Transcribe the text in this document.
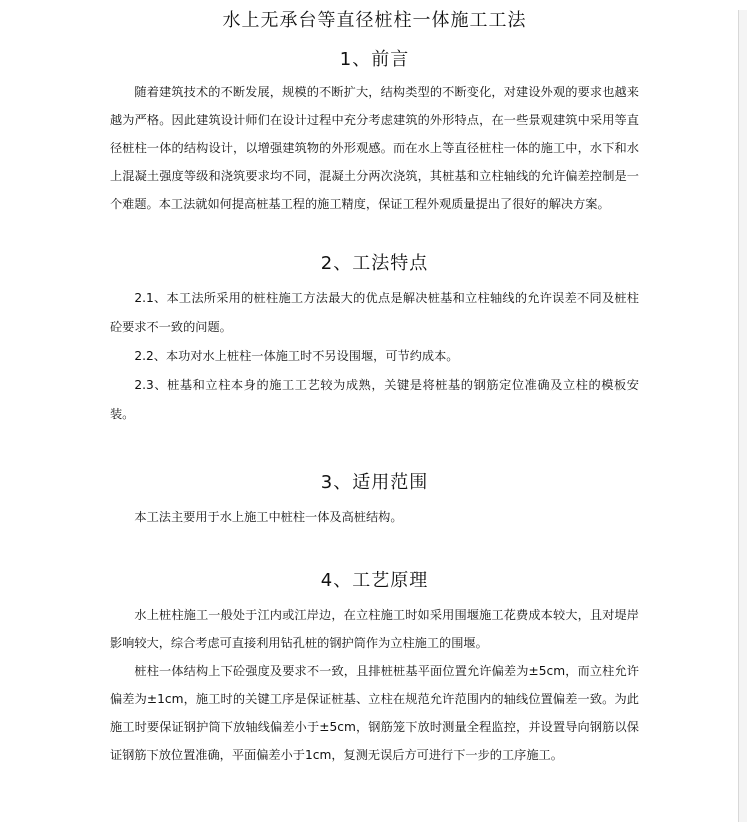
水上无承台等直径桩柱一体施工工法
1、前言

随着建筑技术的不断发展，规模的不断扩大，结构类型的不断变化，对建设外观的要求也越来越为严格。因此建筑设计师们在设计过程中充分考虑建筑的外形特点，在一些景观建筑中采用等直径桩柱一体的结构设计，以增强建筑物的外形观感。而在水上等直径桩柱一体的施工中，水下和水上混凝土强度等级和浇筑要求均不同，混凝土分两次浇筑，其桩基和立柱轴线的允许偏差控制是一个难题。本工法就如何提高桩基工程的施工精度，保证工程外观质量提出了很好的解决方案。

2、工法特点

2.1、本工法所采用的桩柱施工方法最大的优点是解决桩基和立柱轴线的允许误差不同及桩柱砼要求不一致的问题。

2.2、本功对水上桩柱一体施工时不另设围堰，可节约成本。

2.3、桩基和立柱本身的施工工艺较为成熟，关键是将桩基的钢筋定位准确及立柱的模板安装。

3、适用范围

本工法主要用于水上施工中桩柱一体及高桩结构。

4、工艺原理

水上桩柱施工一般处于江内或江岸边，在立柱施工时如采用围堰施工花费成本较大，且对堤岸影响较大，综合考虑可直接利用钻孔桩的钢护筒作为立柱施工的围堰。

桩柱一体结构上下砼强度及要求不一致，且排桩桩基平面位置允许偏差为±5cm，而立柱允许偏差为±1cm，施工时的关键工序是保证桩基、立柱在规范允许范围内的轴线位置偏差一致。为此施工时要保证钢护筒下放轴线偏差小于±5cm，钢筋笼下放时测量全程监控，并设置导向钢筋以保证钢筋下放位置准确，平面偏差小于1cm，复测无误后方可进行下一步的工序施工。
